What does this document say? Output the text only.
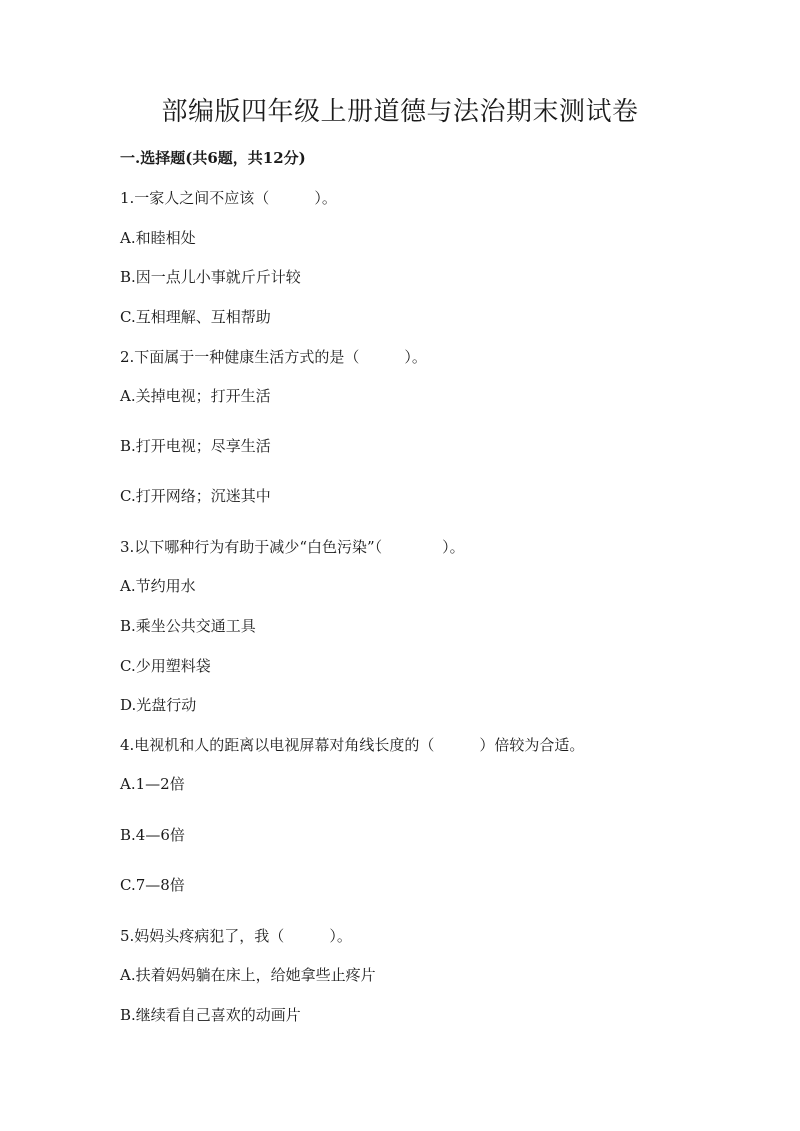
部编版四年级上册道德与法治期末测试卷
一.选择题(共6题，共12分)
1.一家人之间不应该（　　　）。
A.和睦相处
B.因一点儿小事就斤斤计较
C.互相理解、互相帮助
2.下面属于一种健康生活方式的是（　　　）。
A.关掉电视；打开生活
B.打开电视；尽享生活
C.打开网络；沉迷其中
3.以下哪种行为有助于减少“白色污染”（　　　　）。
A.节约用水
B.乘坐公共交通工具
C.少用塑料袋
D.光盘行动
4.电视机和人的距离以电视屏幕对角线长度的（　　　）倍较为合适。
A.1—2倍
B.4—6倍
C.7—8倍
5.妈妈头疼病犯了，我（　　　）。
A.扶着妈妈躺在床上，给她拿些止疼片
B.继续看自己喜欢的动画片
